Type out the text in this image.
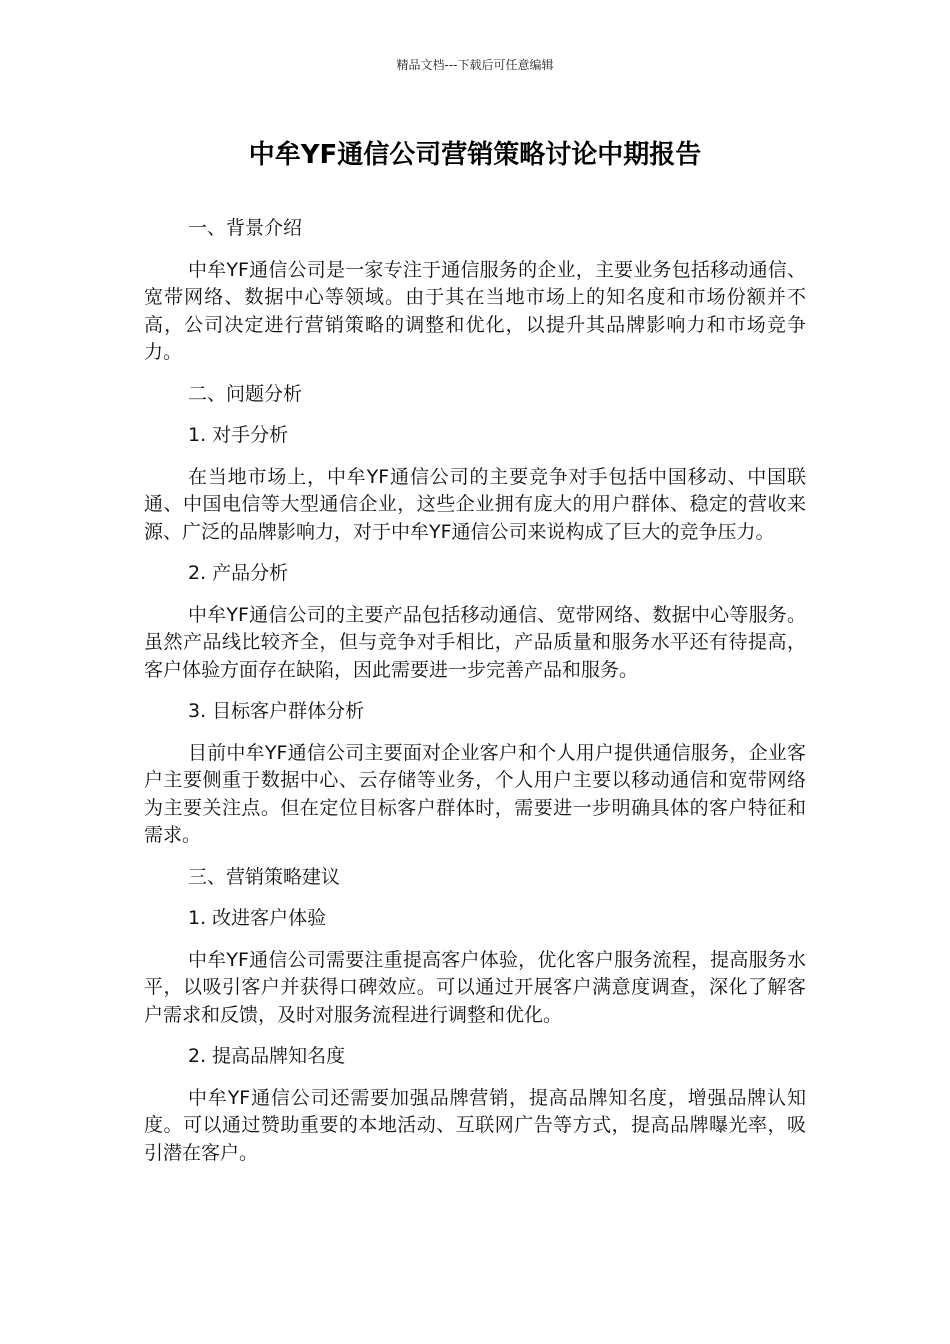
精品文档---下载后可任意编辑
中牟YF通信公司营销策略讨论中期报告

一、背景介绍

中牟YF通信公司是一家专注于通信服务的企业，主要业务包括移动通信、宽带网络、数据中心等领域。由于其在当地市场上的知名度和市场份额并不高，公司决定进行营销策略的调整和优化，以提升其品牌影响力和市场竞争力。

二、问题分析

1. 对手分析

在当地市场上，中牟YF通信公司的主要竞争对手包括中国移动、中国联通、中国电信等大型通信企业，这些企业拥有庞大的用户群体、稳定的营收来源、广泛的品牌影响力，对于中牟YF通信公司来说构成了巨大的竞争压力。

2. 产品分析

中牟YF通信公司的主要产品包括移动通信、宽带网络、数据中心等服务。虽然产品线比较齐全，但与竞争对手相比，产品质量和服务水平还有待提高，客户体验方面存在缺陷，因此需要进一步完善产品和服务。

3. 目标客户群体分析

目前中牟YF通信公司主要面对企业客户和个人用户提供通信服务，企业客户主要侧重于数据中心、云存储等业务，个人用户主要以移动通信和宽带网络为主要关注点。但在定位目标客户群体时，需要进一步明确具体的客户特征和需求。

三、营销策略建议

1. 改进客户体验

中牟YF通信公司需要注重提高客户体验，优化客户服务流程，提高服务水平，以吸引客户并获得口碑效应。可以通过开展客户满意度调查，深化了解客户需求和反馈，及时对服务流程进行调整和优化。

2. 提高品牌知名度

中牟YF通信公司还需要加强品牌营销，提高品牌知名度，增强品牌认知度。可以通过赞助重要的本地活动、互联网广告等方式，提高品牌曝光率，吸引潜在客户。
